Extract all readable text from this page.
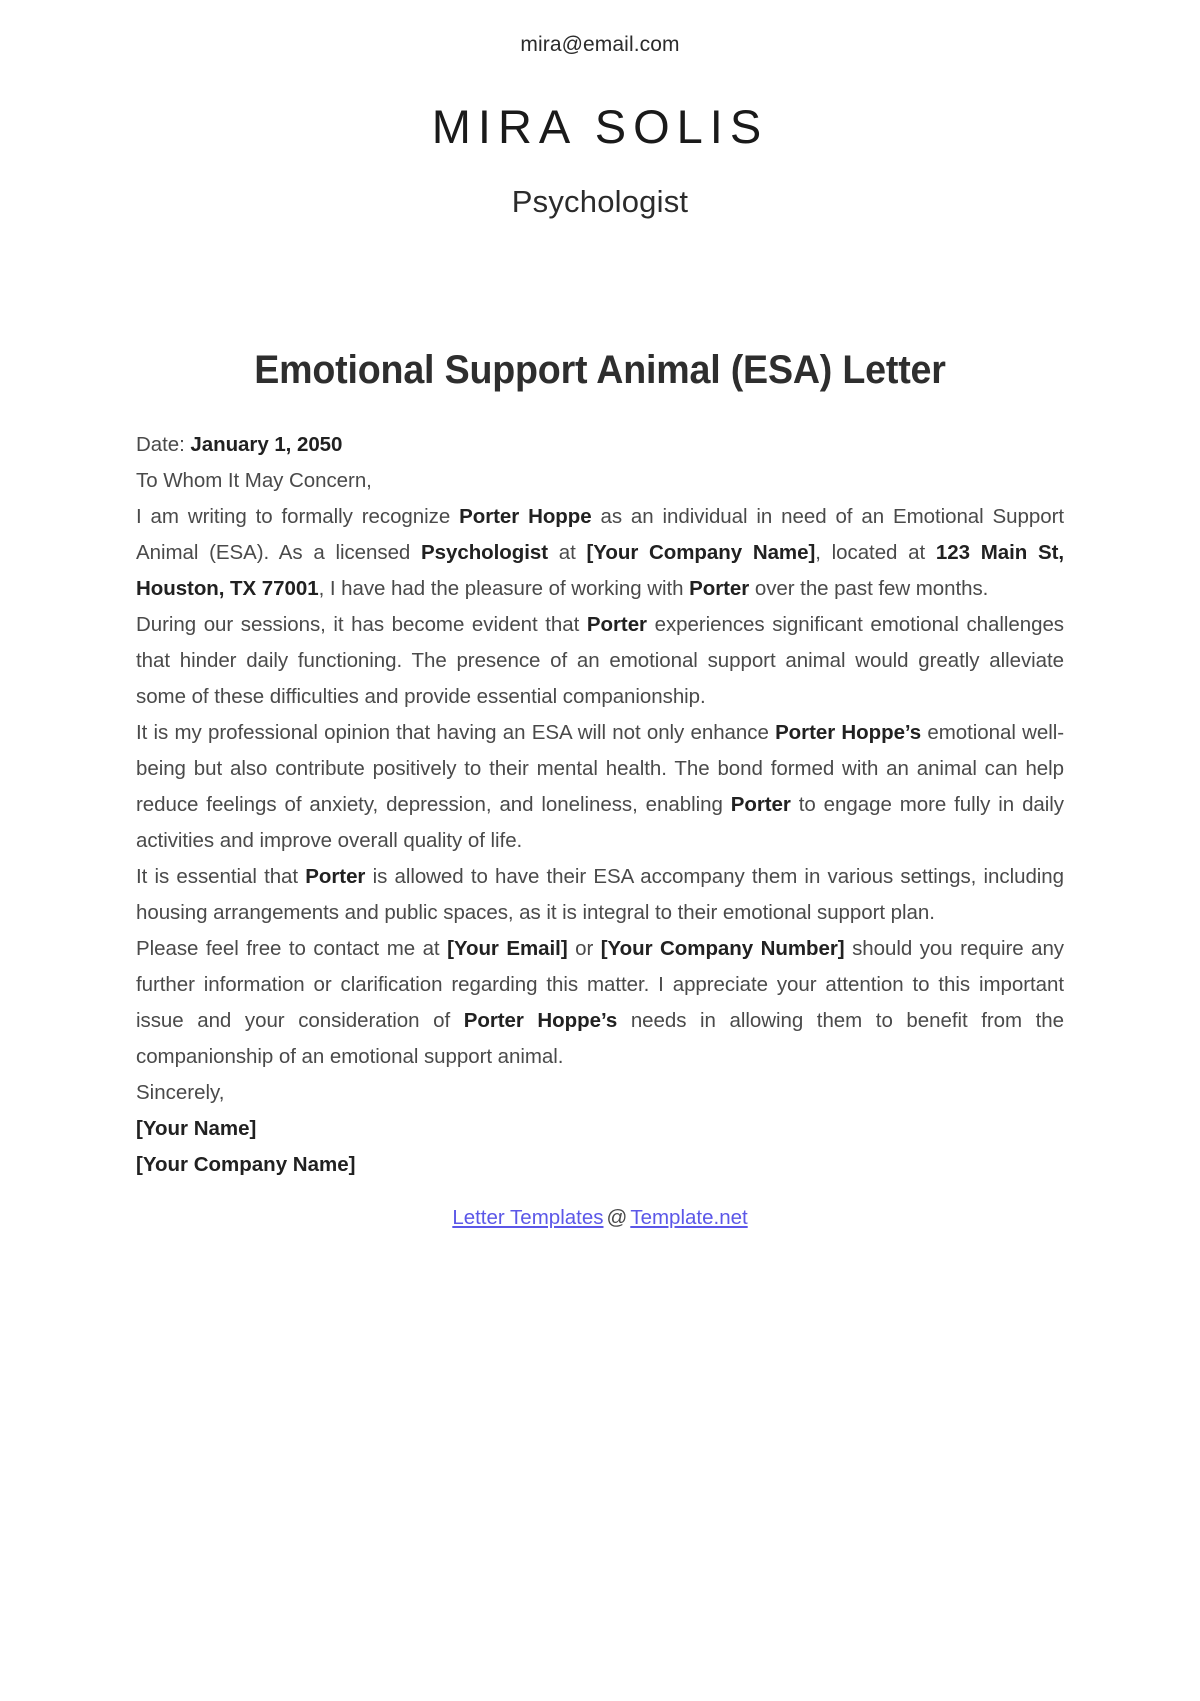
mira@email.com
MIRA SOLIS
Psychologist
Emotional Support Animal (ESA) Letter

Date: January 1, 2050

To Whom It May Concern,

I am writing to formally recognize Porter Hoppe as an individual in need of an Emotional Support Animal (ESA). As a licensed Psychologist at [Your Company Name], located at 123 Main St, Houston, TX 77001, I have had the pleasure of working with Porter over the past few months.

During our sessions, it has become evident that Porter experiences significant emotional challenges that hinder daily functioning. The presence of an emotional support animal would greatly alleviate some of these difficulties and provide essential companionship.

It is my professional opinion that having an ESA will not only enhance Porter Hoppe’s emotional well-being but also contribute positively to their mental health. The bond formed with an animal can help reduce feelings of anxiety, depression, and loneliness, enabling Porter to engage more fully in daily activities and improve overall quality of life.

It is essential that Porter is allowed to have their ESA accompany them in various settings, including housing arrangements and public spaces, as it is integral to their emotional support plan.

Please feel free to contact me at [Your Email] or [Your Company Number] should you require any further information or clarification regarding this matter. I appreciate your attention to this important issue and your consideration of Porter Hoppe’s needs in allowing them to benefit from the companionship of an emotional support animal.

Sincerely,
[Your Name]
[Your Company Name]
Letter Templates @ Template.net
